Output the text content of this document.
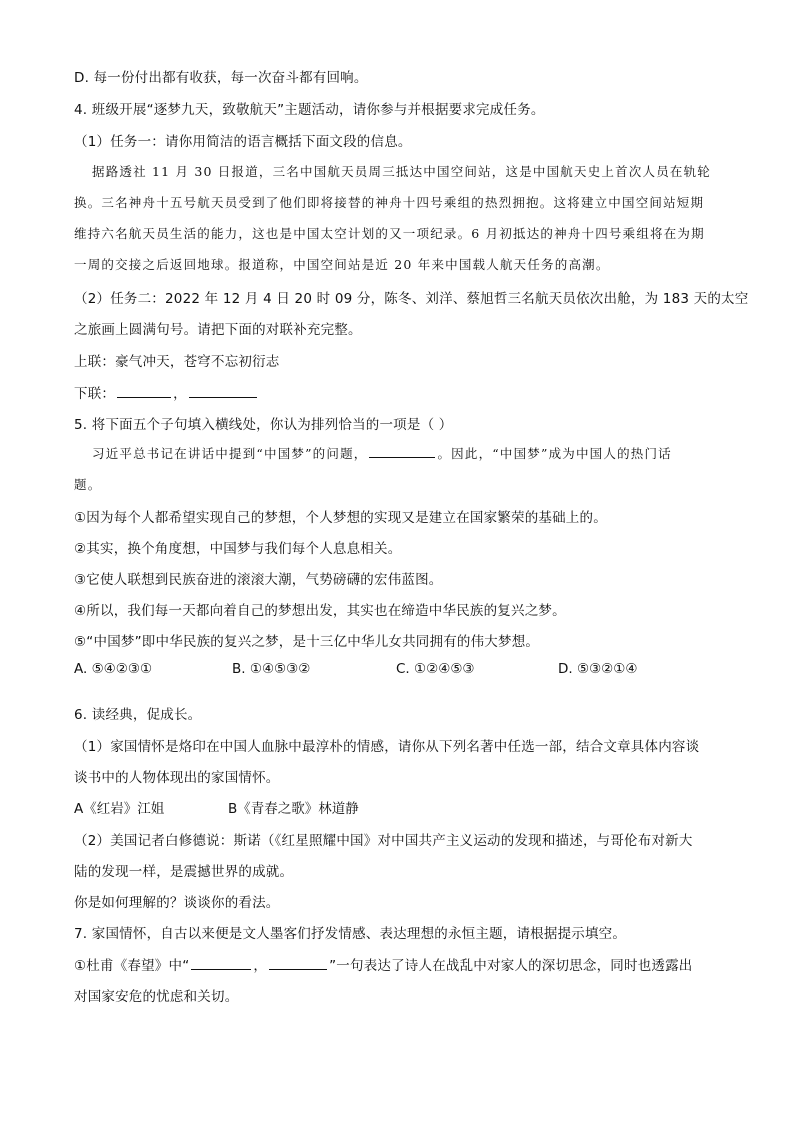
D. 每一份付出都有收获，每一次奋斗都有回响。
4. 班级开展“逐梦九天，致敬航天”主题活动，请你参与并根据要求完成任务。
（1）任务一：请你用简洁的语言概括下面文段的信息。
据路透社 11 月 30 日报道，三名中国航天员周三抵达中国空间站，这是中国航天史上首次人员在轨轮
换。三名神舟十五号航天员受到了他们即将接替的神舟十四号乘组的热烈拥抱。这将建立中国空间站短期
维持六名航天员生活的能力，这也是中国太空计划的又一项纪录。6 月初抵达的神舟十四号乘组将在为期
一周的交接之后返回地球。报道称，中国空间站是近 20 年来中国载人航天任务的高潮。
（2）任务二：2022 年 12 月 4 日 20 时 09 分，陈冬、刘洋、蔡旭哲三名航天员依次出舱，为 183 天的太空
之旅画上圆满句号。请把下面的对联补充完整。
上联：豪气冲天，苍穹不忘初衍志
下联：	，
5. 将下面五个子句填入横线处，你认为排列恰当的一项是（ ）
习近平总书记在讲话中提到“中国梦”的问题，	。因此，“中国梦”成为中国人的热门话
题。
①因为每个人都希望实现自己的梦想，个人梦想的实现又是建立在国家繁荣的基础上的。
②其实，换个角度想，中国梦与我们每个人息息相关。
③它使人联想到民族奋进的滚滚大潮，气势磅礴的宏伟蓝图。
④所以，我们每一天都向着自己的梦想出发，其实也在缔造中华民族的复兴之梦。
⑤“中国梦”即中华民族的复兴之梦，是十三亿中华儿女共同拥有的伟大梦想。
A. ⑤④②③①	B. ①④⑤③②	C. ①②④⑤③	D. ⑤③②①④
6. 读经典，促成长。
（1）家国情怀是烙印在中国人血脉中最淳朴的情感，请你从下列名著中任选一部，结合文章具体内容谈
谈书中的人物体现出的家国情怀。
A《红岩》江姐	B《青春之歌》林道静
（2）美国记者白修德说：斯诺（《红星照耀中国》对中国共产主义运动的发现和描述，与哥伦布对新大
陆的发现一样，是震撼世界的成就。
你是如何理解的？谈谈你的看法。
7. 家国情怀，自古以来便是文人墨客们抒发情感、表达理想的永恒主题，请根据提示填空。
①杜甫《春望》中“	，	”一句表达了诗人在战乱中对家人的深切思念，同时也透露出
对国家安危的忧虑和关切。
